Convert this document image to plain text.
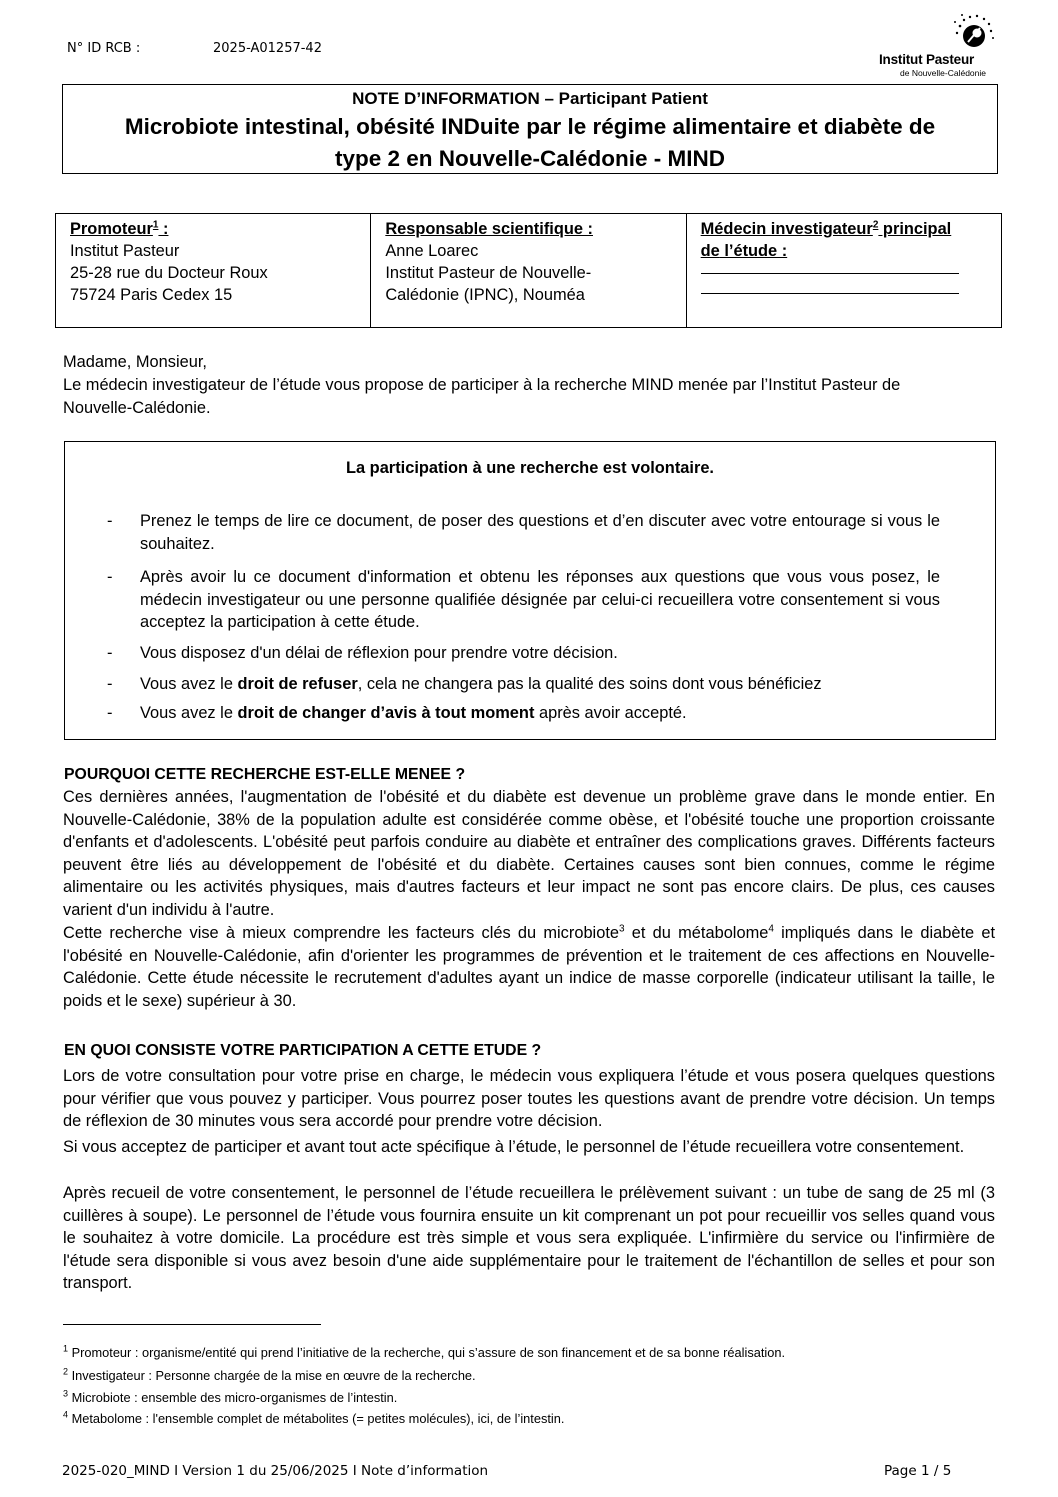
N° ID RCB :	2025-A01257-42
Institut Pasteur
de Nouvelle-Calédonie
NOTE D’INFORMATION – Participant Patient
Microbiote intestinal, obésité INDuite par le régime alimentaire et diabète de
type 2 en Nouvelle-Calédonie - MIND
Promoteur$^1$ :
Institut Pasteur
25-28 rue du Docteur Roux
75724 Paris Cedex 15

Responsable scientifique :
Anne Loarec
Institut Pasteur de Nouvelle-
Calédonie (IPNC), Nouméa

Médecin investigateur$^2$ principal
de l’étude :
Madame, Monsieur,
Le médecin investigateur de l’étude vous propose de participer à la recherche MIND menée par l’Institut Pasteur de
Nouvelle-Calédonie.
La participation à une recherche est volontaire.
- Prenez le temps de lire ce document, de poser des questions et d’en discuter avec votre entourage si vous le souhaitez.
- Après avoir lu ce document d'information et obtenu les réponses aux questions que vous vous posez, le médecin investigateur ou une personne qualifiée désignée par celui-ci recueillera votre consentement si vous acceptez la participation à cette étude.
- Vous disposez d'un délai de réflexion pour prendre votre décision.
- Vous avez le droit de refuser, cela ne changera pas la qualité des soins dont vous bénéficiez
- Vous avez le droit de changer d’avis à tout moment après avoir accepté.
POURQUOI CETTE RECHERCHE EST-ELLE MENEE ?
Ces dernières années, l'augmentation de l'obésité et du diabète est devenue un problème grave dans le monde entier. En Nouvelle-Calédonie, 38% de la population adulte est considérée comme obèse, et l'obésité touche une proportion croissante d'enfants et d'adolescents. L'obésité peut parfois conduire au diabète et entraîner des complications graves. Différents facteurs peuvent être liés au développement de l'obésité et du diabète. Certaines causes sont bien connues, comme le régime alimentaire ou les activités physiques, mais d'autres facteurs et leur impact ne sont pas encore clairs. De plus, ces causes varient d'un individu à l'autre.
Cette recherche vise à mieux comprendre les facteurs clés du microbiote$^3$ et du métabolome$^4$ impliqués dans le diabète et l'obésité en Nouvelle-Calédonie, afin d'orienter les programmes de prévention et le traitement de ces affections en Nouvelle-Calédonie. Cette étude nécessite le recrutement d'adultes ayant un indice de masse corporelle (indicateur utilisant la taille, le poids et le sexe) supérieur à 30.
EN QUOI CONSISTE VOTRE PARTICIPATION A CETTE ETUDE ?
Lors de votre consultation pour votre prise en charge, le médecin vous expliquera l’étude et vous posera quelques questions pour vérifier que vous pouvez y participer. Vous pourrez poser toutes les questions avant de prendre votre décision. Un temps de réflexion de 30 minutes vous sera accordé pour prendre votre décision.
Si vous acceptez de participer et avant tout acte spécifique à l’étude, le personnel de l’étude recueillera votre consentement.
Après recueil de votre consentement, le personnel de l’étude recueillera le prélèvement suivant : un tube de sang de 25 ml (3 cuillères à soupe). Le personnel de l’étude vous fournira ensuite un kit comprenant un pot pour recueillir vos selles quand vous le souhaitez à votre domicile. La procédure est très simple et vous sera expliquée. L'infirmière du service ou l'infirmière de l'étude sera disponible si vous avez besoin d'une aide supplémentaire pour le traitement de l'échantillon de selles et pour son transport.
$^1$ Promoteur : organisme/entité qui prend l’initiative de la recherche, qui s’assure de son financement et de sa bonne réalisation.
$^2$ Investigateur : Personne chargée de la mise en œuvre de la recherche.
$^3$ Microbiote : ensemble des micro-organismes de l’intestin.
$^4$ Metabolome : l'ensemble complet de métabolites (= petites molécules), ici, de l’intestin.
2025-020_MIND I Version 1 du 25/06/2025 I Note d’information	Page 1 / 5
